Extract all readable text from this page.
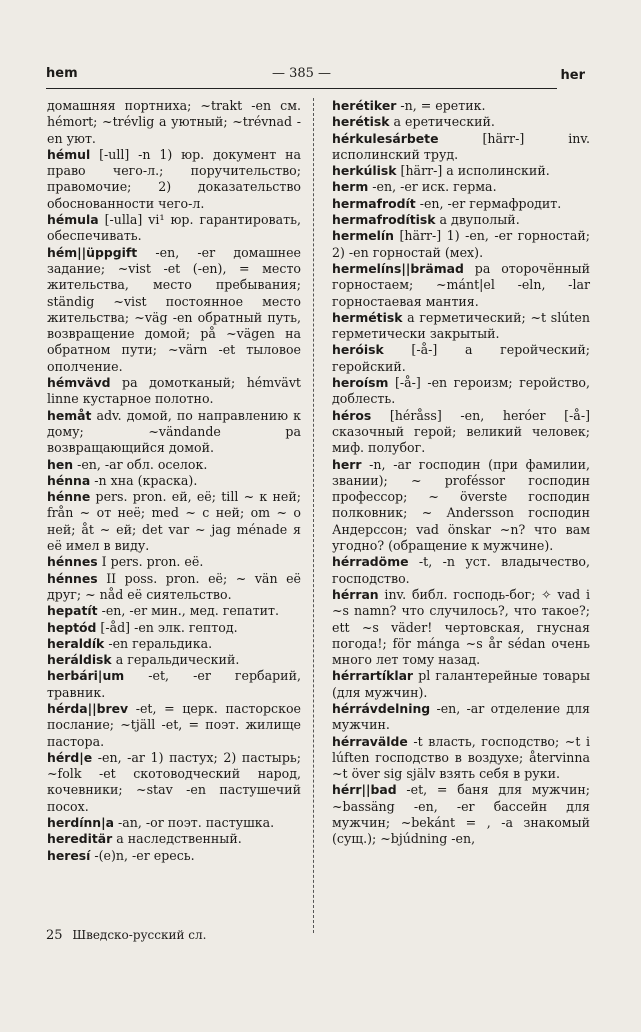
hem	— 385 —	her
домашняя портниха; ~trakt -en см. hémort; ~trévlig a уютный; ~trévnad -en уют.
hémul [-ull] -n 1) юр. документ на право чего-л.; поручительство; правомочие; 2) доказательство обоснованности чего-л.
hémula [-ulla] vi¹ юр. гарантировать, обеспечивать.
hém||üppgift -en, -er домашнее задание; ~vist -et (-en), = место жительства, место пребывания; ständig ~vist постоянное место жительства; ~väg -en обратный путь, возвращение домой; på ~vägen на обратном пути; ~värn -et тыловое ополчение.
hémvävd pa домотканый; hémvävt linne кустарное полотно.
hemåt adv. домой, по направлению к дому; ~vändande pa возвращающийся домой.
hen -en, -ar обл. оселок.
hénna -n хна (краска).
hénne pers. pron. ей, её; till ~ к ней; från ~ от неё; med ~ с ней; om ~ о ней; åt ~ ей; det var ~ jag ménade я её имел в виду.
hénnes I pers. pron. её.
hénnes II poss. pron. её; ~ vän её друг; ~ nåd её сиятельство.
hepatít -en, -er мин., мед. гепатит.
heptód [-åd] -en элк. гептод.
heraldík -en геральдика.
heráldisk a геральдический.
herbári|um -et, -er гербарий, травник.
hérda||brev -et, = церк. пасторское послание; ~tjäll -et, = поэт. жилище пастора.
hérd|e -en, -ar 1) пастух; 2) пастырь; ~folk -et скотоводческий народ, кочевники; ~stav -en пастушечий посох.
herdínn|a -an, -or поэт. пастушка.
hereditär a наследственный.
heresí -(e)n, -er ересь.
herétiker -n, = еретик.
herétisk a еретический.
hérkulesárbete	[härr-] inv. исполинский труд.
herkúlisk [härr-] a исполинский.
herm -en, -er иск. герма.
hermafrodít -en, -er гермафродит.
hermafrodítisk a двуполый.
hermelín [härr-] 1) -en, -er горностай; 2) -en горностай (мех).
hermelíns||brämad pa оторочённый горностаем; ~mánt|el -eln, -lar горностаевая мантия.
hermétisk a герметический; ~t slúten герметически закрытый.
heróisk [-å-] a геройческий; геройский.
heroísm [-å-] -en героизм; геройство, доблесть.
héros [héråss] -en, heróer [-å-] сказочный герой; великий человек; миф. полубог.
herr -n, -ar господин (при фамилии, звании); ~ proféssor господин профессор; ~ överste господин полковник; ~ Andersson господин Андерссон; vad önskar ~n? что вам угодно? (обращение к мужчине).
hérradöme -t, -n уст. владычество, господство.
hérran inv. библ. господь-бог; ✧ vad i ~s namn? что случилось?, что такое?; ett ~s väder! чертовская, гнусная погода!; för mánga ~s år sédan очень много лет тому назад.
hérrartíklar pl галантерейные товары (для мужчин).
hérrávdelning -en, -ar отделение для мужчин.
hérravälde -t власть, господство; ~t i lúften господство в воздухе; återvinna ~t över sig själv взять себя в руки.
hérr||bad -et, = баня для мужчин; ~bassäng -en, -er бассейн для мужчин; ~bekánt = , -a знакомый (сущ.); ~bjúdning -en,
25 Шведско-русский сл.
